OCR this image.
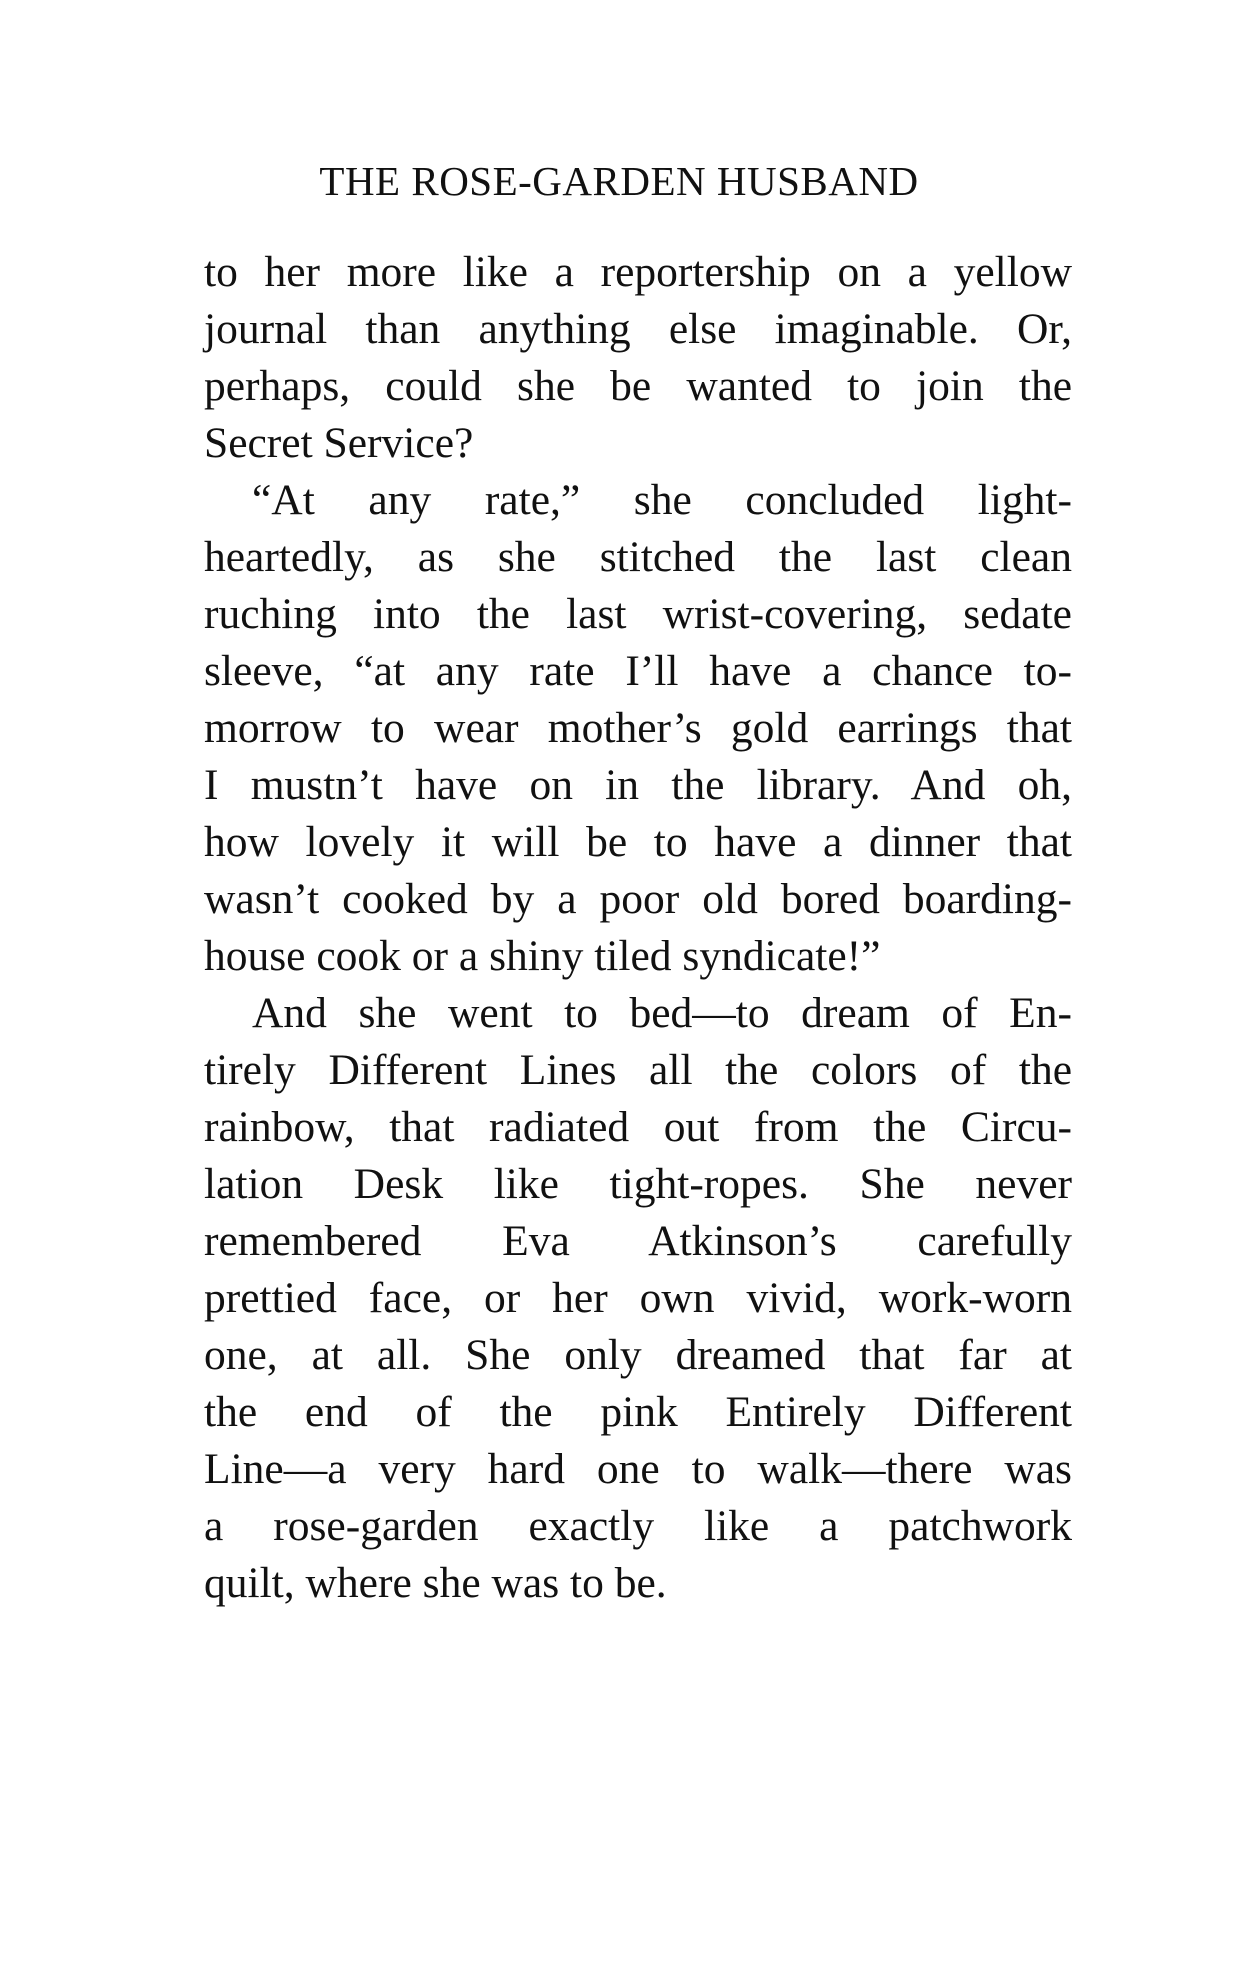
THE ROSE-GARDEN HUSBAND
to her more like a reportership on a yellow
journal than anything else imaginable. Or,
perhaps, could she be wanted to join the
Secret Service?
“At any rate,” she concluded light-
heartedly, as she stitched the last clean
ruching into the last wrist-covering, sedate
sleeve, “at any rate I’ll have a chance to-
morrow to wear mother’s gold earrings that
I mustn’t have on in the library. And oh,
how lovely it will be to have a dinner that
wasn’t cooked by a poor old bored boarding-
house cook or a shiny tiled syndicate!”
And she went to bed—to dream of En-
tirely Different Lines all the colors of the
rainbow, that radiated out from the Circu-
lation Desk like tight-ropes. She never
remembered Eva Atkinson’s carefully
prettied face, or her own vivid, work-worn
one, at all. She only dreamed that far at
the end of the pink Entirely Different
Line—a very hard one to walk—there was
a rose-garden exactly like a patchwork
quilt, where she was to be.
